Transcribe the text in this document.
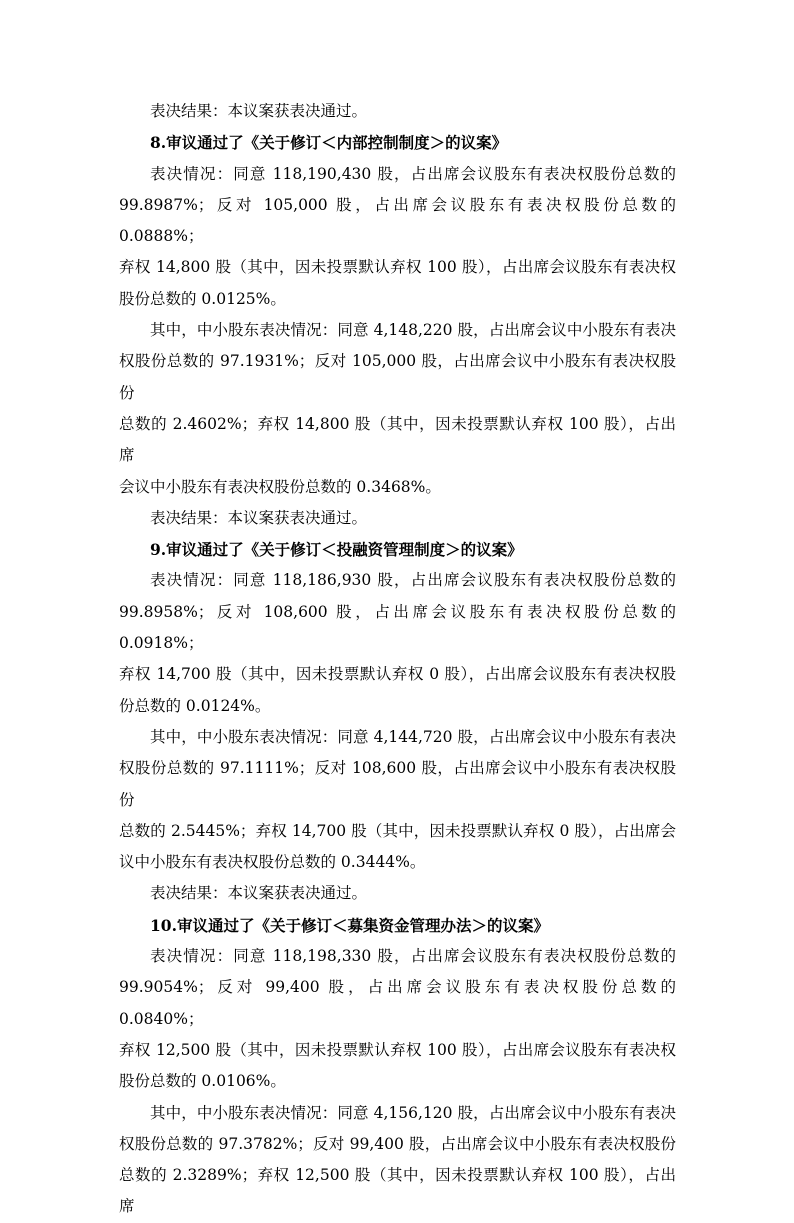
表决结果：本议案获表决通过。

8.审议通过了《关于修订＜内部控制制度＞的议案》

表决情况：同意 118,190,430 股，占出席会议股东有表决权股份总数的
99.8987%；反对 105,000 股，占出席会议股东有表决权股份总数的 0.0888%；
弃权 14,800 股（其中，因未投票默认弃权 100 股），占出席会议股东有表决权
股份总数的 0.0125%。

其中，中小股东表决情况：同意 4,148,220 股，占出席会议中小股东有表决
权股份总数的 97.1931%；反对 105,000 股，占出席会议中小股东有表决权股份
总数的 2.4602%；弃权 14,800 股（其中，因未投票默认弃权 100 股），占出席
会议中小股东有表决权股份总数的 0.3468%。

表决结果：本议案获表决通过。

9.审议通过了《关于修订＜投融资管理制度＞的议案》

表决情况：同意 118,186,930 股，占出席会议股东有表决权股份总数的
99.8958%；反对 108,600 股，占出席会议股东有表决权股份总数的 0.0918%；
弃权 14,700 股（其中，因未投票默认弃权 0 股），占出席会议股东有表决权股
份总数的 0.0124%。

其中，中小股东表决情况：同意 4,144,720 股，占出席会议中小股东有表决
权股份总数的 97.1111%；反对 108,600 股，占出席会议中小股东有表决权股份
总数的 2.5445%；弃权 14,700 股（其中，因未投票默认弃权 0 股），占出席会
议中小股东有表决权股份总数的 0.3444%。

表决结果：本议案获表决通过。

10.审议通过了《关于修订＜募集资金管理办法＞的议案》

表决情况：同意 118,198,330 股，占出席会议股东有表决权股份总数的
99.9054%；反对 99,400 股，占出席会议股东有表决权股份总数的 0.0840%；
弃权 12,500 股（其中，因未投票默认弃权 100 股），占出席会议股东有表决权
股份总数的 0.0106%。

其中，中小股东表决情况：同意 4,156,120 股，占出席会议中小股东有表决
权股份总数的 97.3782%；反对 99,400 股，占出席会议中小股东有表决权股份
总数的 2.3289%；弃权 12,500 股（其中，因未投票默认弃权 100 股），占出席
